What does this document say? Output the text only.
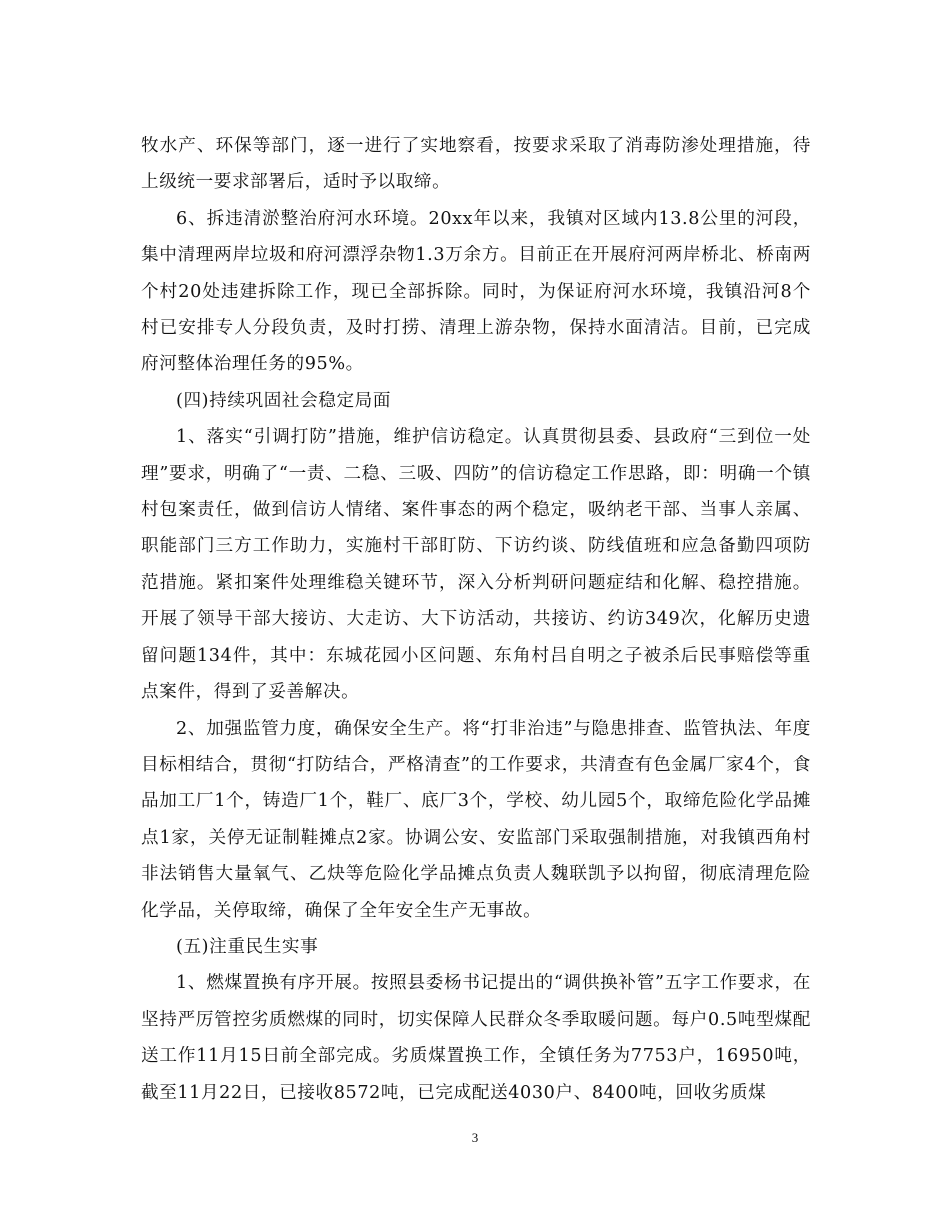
牧水产、环保等部门，逐一进行了实地察看，按要求采取了消毒防渗处理措施，待上级统一要求部署后，适时予以取缔。

6、拆违清淤整治府河水环境。20xx年以来，我镇对区域内13.8公里的河段，集中清理两岸垃圾和府河漂浮杂物1.3万余方。目前正在开展府河两岸桥北、桥南两个村20处违建拆除工作，现已全部拆除。同时，为保证府河水环境，我镇沿河8个村已安排专人分段负责，及时打捞、清理上游杂物，保持水面清洁。目前，已完成府河整体治理任务的95%。

(四)持续巩固社会稳定局面

1、落实“引调打防”措施，维护信访稳定。认真贯彻县委、县政府“三到位一处理”要求，明确了“一责、二稳、三吸、四防”的信访稳定工作思路，即：明确一个镇村包案责任，做到信访人情绪、案件事态的两个稳定，吸纳老干部、当事人亲属、职能部门三方工作助力，实施村干部盯防、下访约谈、防线值班和应急备勤四项防范措施。紧扣案件处理维稳关键环节，深入分析判研问题症结和化解、稳控措施。开展了领导干部大接访、大走访、大下访活动，共接访、约访349次，化解历史遗留问题134件，其中：东城花园小区问题、东角村吕自明之子被杀后民事赔偿等重点案件，得到了妥善解决。

2、加强监管力度，确保安全生产。将“打非治违”与隐患排查、监管执法、年度目标相结合，贯彻“打防结合，严格清查”的工作要求，共清查有色金属厂家4个，食品加工厂1个，铸造厂1个，鞋厂、底厂3个，学校、幼儿园5个，取缔危险化学品摊点1家，关停无证制鞋摊点2家。协调公安、安监部门采取强制措施，对我镇西角村非法销售大量氧气、乙炔等危险化学品摊点负责人魏联凯予以拘留，彻底清理危险化学品，关停取缔，确保了全年安全生产无事故。

(五)注重民生实事

1、燃煤置换有序开展。按照县委杨书记提出的“调供换补管”五字工作要求，在坚持严厉管控劣质燃煤的同时，切实保障人民群众冬季取暖问题。每户0.5吨型煤配送工作11月15日前全部完成。劣质煤置换工作，全镇任务为7753户，16950吨，截至11月22日，已接收8572吨，已完成配送4030户、8400吨，回收劣质煤

3
